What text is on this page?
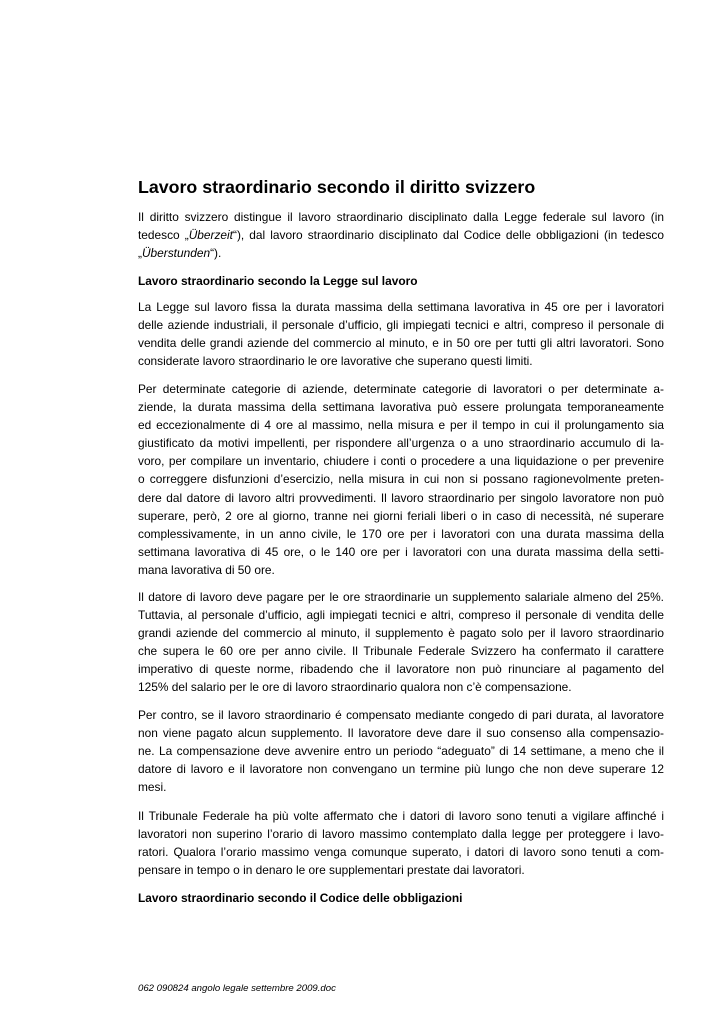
Lavoro straordinario secondo il diritto svizzero
Il diritto svizzero distingue il lavoro straordinario disciplinato dalla Legge federale sul lavoro (in
tedesco „Überzeit“), dal lavoro straordinario disciplinato dal Codice delle obbligazioni (in tedesco
„Überstunden“).
Lavoro straordinario secondo la Legge sul lavoro
La Legge sul lavoro fissa la durata massima della settimana lavorativa in 45 ore per i lavoratori
delle aziende industriali, il personale d’ufficio, gli impiegati tecnici e altri, compreso il personale di
vendita delle grandi aziende del commercio al minuto, e in 50 ore per tutti gli altri lavoratori. Sono
considerate lavoro straordinario le ore lavorative che superano questi limiti.
Per determinate categorie di aziende, determinate categorie di lavoratori o per determinate a-
ziende, la durata massima della settimana lavorativa può essere prolungata temporaneamente
ed eccezionalmente di 4 ore al massimo, nella misura e per il tempo in cui il prolungamento sia
giustificato da motivi impellenti, per rispondere all’urgenza o a uno straordinario accumulo di la-
voro, per compilare un inventario, chiudere i conti o procedere a una liquidazione o per prevenire
o correggere disfunzioni d’esercizio, nella misura in cui non si possano ragionevolmente preten-
dere dal datore di lavoro altri provvedimenti. Il lavoro straordinario per singolo lavoratore non può
superare, però, 2 ore al giorno, tranne nei giorni feriali liberi o in caso di necessità, né superare
complessivamente, in un anno civile, le 170 ore per i lavoratori con una durata massima della
settimana lavorativa di 45 ore, o le 140 ore per i lavoratori con una durata massima della setti-
mana lavorativa di 50 ore.
Il datore di lavoro deve pagare per le ore straordinarie un supplemento salariale almeno del 25%.
Tuttavia, al personale d’ufficio, agli impiegati tecnici e altri, compreso il personale di vendita delle
grandi aziende del commercio al minuto, il supplemento è pagato solo per il lavoro straordinario
che supera le 60 ore per anno civile. Il Tribunale Federale Svizzero ha confermato il carattere
imperativo di queste norme, ribadendo che il lavoratore non può rinunciare al pagamento del
125% del salario per le ore di lavoro straordinario qualora non c’è compensazione.
Per contro, se il lavoro straordinario é compensato mediante congedo di pari durata, al lavoratore
non viene pagato alcun supplemento. Il lavoratore deve dare il suo consenso alla compensazio-
ne. La compensazione deve avvenire entro un periodo “adeguato” di 14 settimane, a meno che il
datore di lavoro e il lavoratore non convengano un termine più lungo che non deve superare 12
mesi.
Il Tribunale Federale ha più volte affermato che i datori di lavoro sono tenuti a vigilare affinché i
lavoratori non superino l’orario di lavoro massimo contemplato dalla legge per proteggere i lavo-
ratori. Qualora l’orario massimo venga comunque superato, i datori di lavoro sono tenuti a com-
pensare in tempo o in denaro le ore supplementari prestate dai lavoratori.
Lavoro straordinario secondo il Codice delle obbligazioni
062 090824 angolo legale settembre 2009.doc
